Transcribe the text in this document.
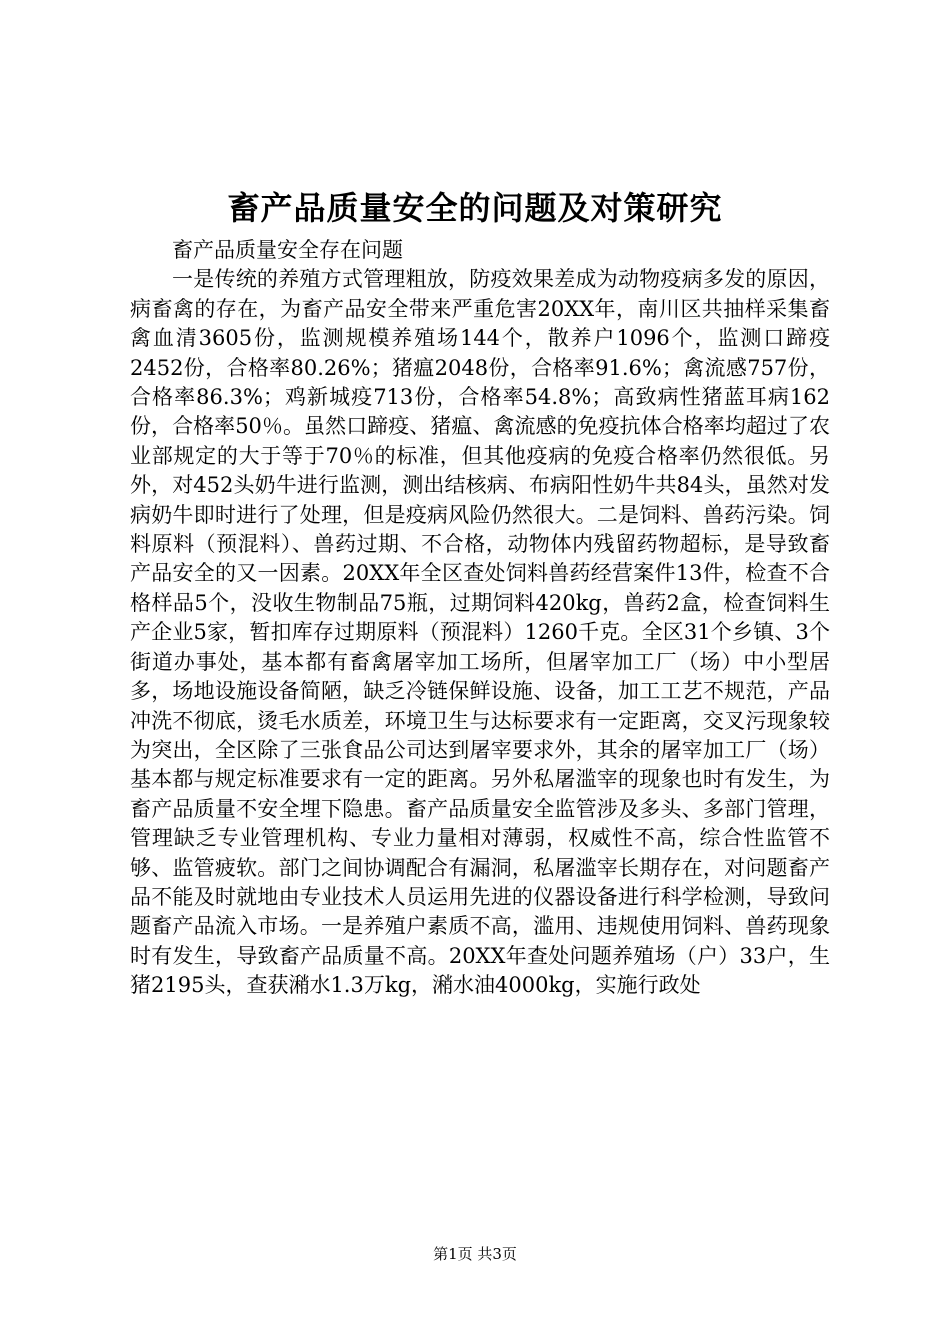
畜产品质量安全的问题及对策研究

畜产品质量安全存在问题

一是传统的养殖方式管理粗放，防疫效果差成为动物疫病多发的原因，病畜禽的存在，为畜产品安全带来严重危害20XX年，南川区共抽样采集畜禽血清3605份，监测规模养殖场144个，散养户1096个，监测口蹄疫2452份，合格率80.26%；猪瘟2048份，合格率91.6%；禽流感757份，合格率86.3%；鸡新城疫713份，合格率54.8%；高致病性猪蓝耳病162份，合格率50％。虽然口蹄疫、猪瘟、禽流感的免疫抗体合格率均超过了农业部规定的大于等于70％的标准，但其他疫病的免疫合格率仍然很低。另外，对452头奶牛进行监测，测出结核病、布病阳性奶牛共84头，虽然对发病奶牛即时进行了处理，但是疫病风险仍然很大。二是饲料、兽药污染。饲料原料（预混料）、兽药过期、不合格，动物体内残留药物超标，是导致畜产品安全的又一因素。20XX年全区查处饲料兽药经营案件13件，检查不合格样品5个，没收生物制品75瓶，过期饲料420kg，兽药2盒，检查饲料生产企业5家，暂扣库存过期原料（预混料）1260千克。全区31个乡镇、3个街道办事处，基本都有畜禽屠宰加工场所，但屠宰加工厂（场）中小型居多，场地设施设备简陋，缺乏冷链保鲜设施、设备，加工工艺不规范，产品冲洗不彻底，烫毛水质差，环境卫生与达标要求有一定距离，交叉污现象较为突出，全区除了三张食品公司达到屠宰要求外，其余的屠宰加工厂（场）基本都与规定标准要求有一定的距离。另外私屠滥宰的现象也时有发生，为畜产品质量不安全埋下隐患。畜产品质量安全监管涉及多头、多部门管理，管理缺乏专业管理机构、专业力量相对薄弱，权威性不高，综合性监管不够、监管疲软。部门之间协调配合有漏洞，私屠滥宰长期存在，对问题畜产品不能及时就地由专业技术人员运用先进的仪器设备进行科学检测，导致问题畜产品流入市场。一是养殖户素质不高，滥用、违规使用饲料、兽药现象时有发生，导致畜产品质量不高。20XX年查处问题养殖场（户）33户，生猪2195头，查获潲水1.3万kg，潲水油4000kg，实施行政处

第1页 共3页
